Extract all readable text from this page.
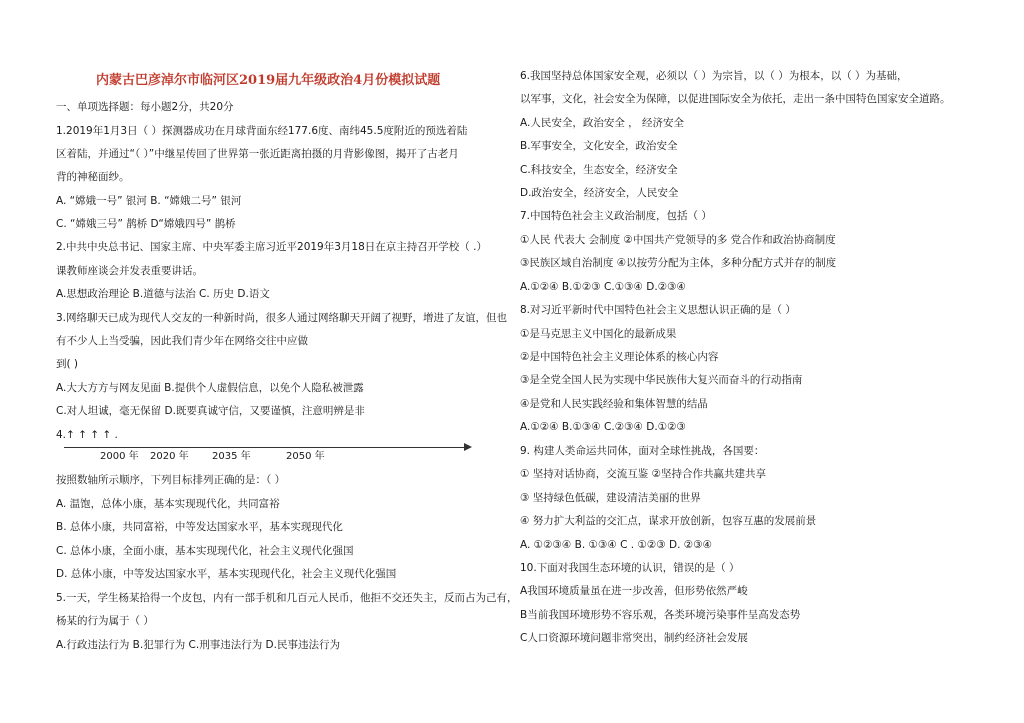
内蒙古巴彦淖尔市临河区2019届九年级政治4月份模拟试题
一、单项选择题：每小题2分，共20分
1.2019年1月3日（ ）探测器成功在月球背面东经177.6度、南纬45.5度附近的预选着陆
区着陆，并通过“（ ）”中继星传回了世界第一张近距离拍摄的月背影像图，揭开了古老月
背的神秘面纱。
A. “嫦娥一号” 银河 B. “嫦娥二号” 银河
C. “嫦娥三号” 鹊桥 D“嫦娥四号” 鹊桥
2.中共中央总书记、国家主席、中央军委主席习近平2019年3月18日在京主持召开学校（ .）
课教师座谈会并发表重要讲话。
A.思想政治理论 B.道德与法治 C. 历史 D.语文
3.网络聊天已成为现代人交友的一种新时尚，很多人通过网络聊天开阔了视野，增进了友谊，但也
有不少人上当受骗，因此我们青少年在网络交往中应做
到( )
A.大大方方与网友见面 B.提供个人虚假信息，以免个人隐私被泄露
C.对人坦诚，毫无保留 D.既要真诚守信，又要谨慎，注意明辨是非
4.↑ ↑ ↑ ↑ .
按照数轴所示顺序，下列目标排列正确的是：（ ）
A. 温饱，总体小康，基本实现现代化，共同富裕
B. 总体小康，共同富裕，中等发达国家水平，基本实现现代化
C. 总体小康，全面小康，基本实现现代化，社会主义现代化强国
D. 总体小康，中等发达国家水平，基本实现现代化，社会主义现代化强国
5.一天，学生杨某拾得一个皮包，内有一部手机和几百元人民币，他拒不交还失主，反而占为己有，
杨某的行为属于（ ）
A.行政违法行为 B.犯罪行为 C.刑事违法行为 D.民事违法行为
2000 年 2020 年 2035 年	2050 年
6.我国坚持总体国家安全观，必须以（ ）为宗旨，以（ ）为根本，以（ ）为基础，
以军事，文化，社会安全为保障，以促进国际安全为依托，走出一条中国特色国家安全道路。
A.人民安全，政治安全 ， 经济安全
B.军事安全，文化安全，政治安全
C.科技安全，生态安全，经济安全
D.政治安全，经济安全，人民安全
7.中国特色社会主义政治制度，包括（ ）
①人民 代表大 会制度 ②中国共产党领导的多 党合作和政治协商制度
③民族区域自治制度 ④以按劳分配为主体，多种分配方式并存的制度
A.①②④ B.①②③ C.①③④ D.②③④
8.对习近平新时代中国特色社会主义思想认识正确的是（ ）
①是马克思主义中国化的最新成果
②是中国特色社会主义理论体系的核心内容
③是全党全国人民为实现中华民族伟大复兴而奋斗的行动指南
④是党和人民实践经验和集体智慧的结晶
A.①②④ B.①③④ C.②③④ D.①②③
9. 构建人类命运共同体，面对全球性挑战，各国要：
① 坚持对话协商，交流互鉴 ②坚持合作共赢共建共享
③ 坚持绿色低碳，建设清洁美丽的世界
④ 努力扩大利益的交汇点，谋求开放创新，包容互惠的发展前景
A. ①②③④ B. ①③④ C . ①②③ D. ②③④
10.下面对我国生态环境的认识，错误的是（ ）
A我国环境质量虽在进一步改善，但形势依然严峻
B当前我国环境形势不容乐观，各类环境污染事件呈高发态势
C人口资源环境问题非常突出，制约经济社会发展
